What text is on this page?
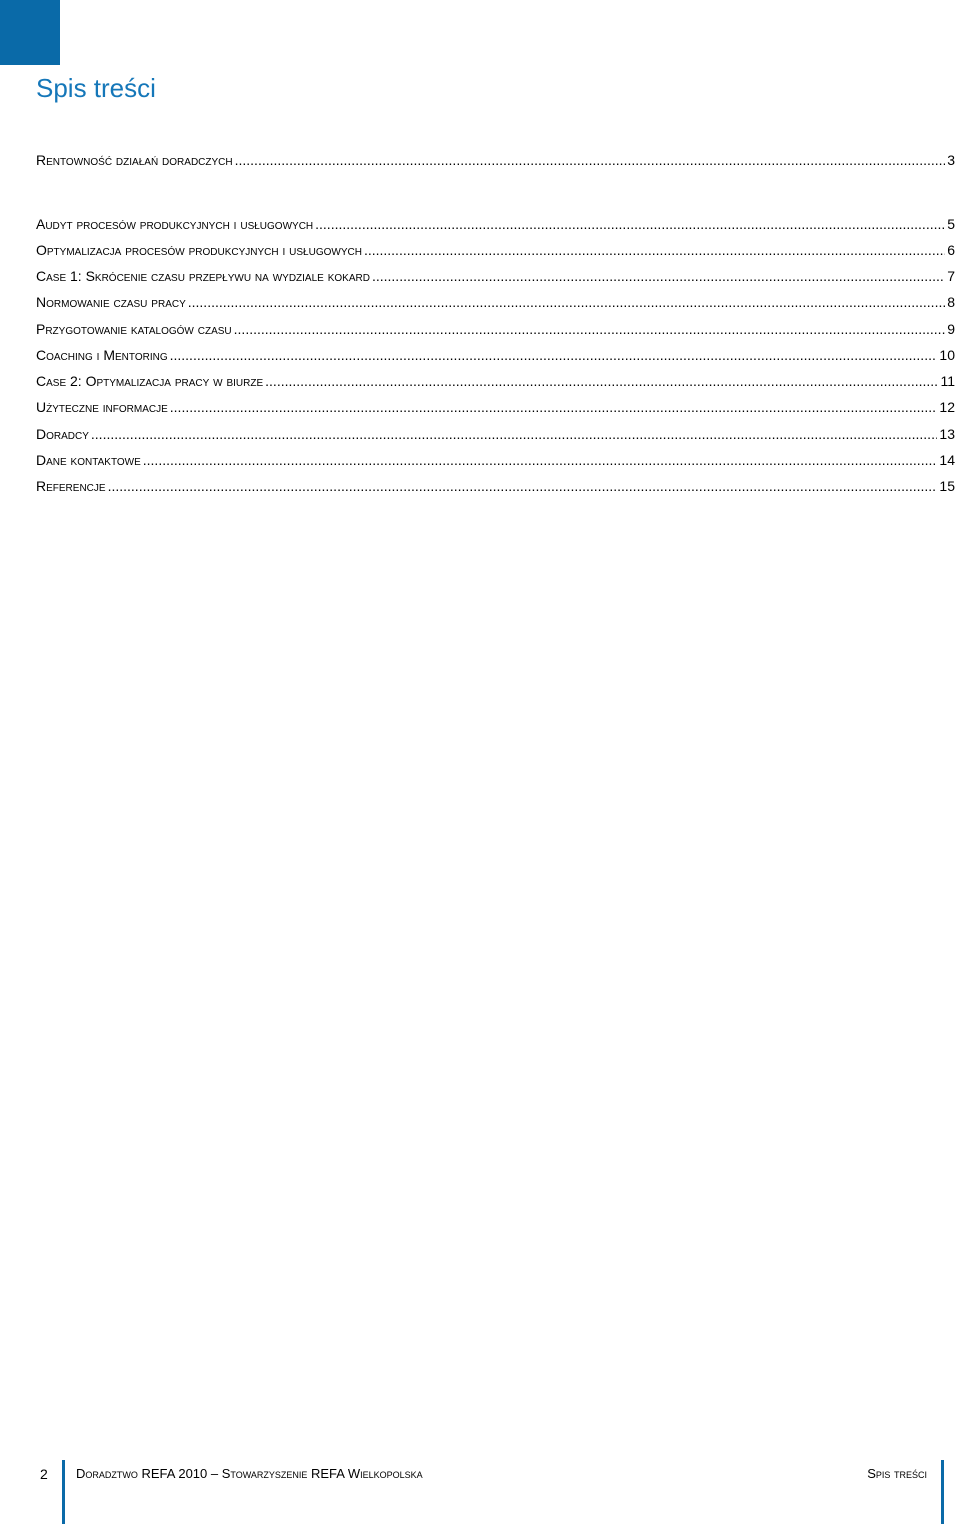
Spis treści
Rentowność działań doradczych .....	3
Audyt procesów produkcyjnych i usługowych .....	5
Optymalizacja procesów produkcyjnych i usługowych .....	6
Case 1: Skrócenie czasu przepływu na wydziale kokard .....	7
Normowanie czasu pracy .....	8
Przygotowanie katalogów czasu .....	9
Coaching i Mentoring .....	10
Case 2: Optymalizacja pracy w biurze .....	11
Użyteczne informacje .....	12
Doradcy .....	13
Dane kontaktowe .....	14
Referencje .....	15
2 Doradztwo REFA 2010 – Stowarzyszenie REFA Wielkopolska	Spis treści
